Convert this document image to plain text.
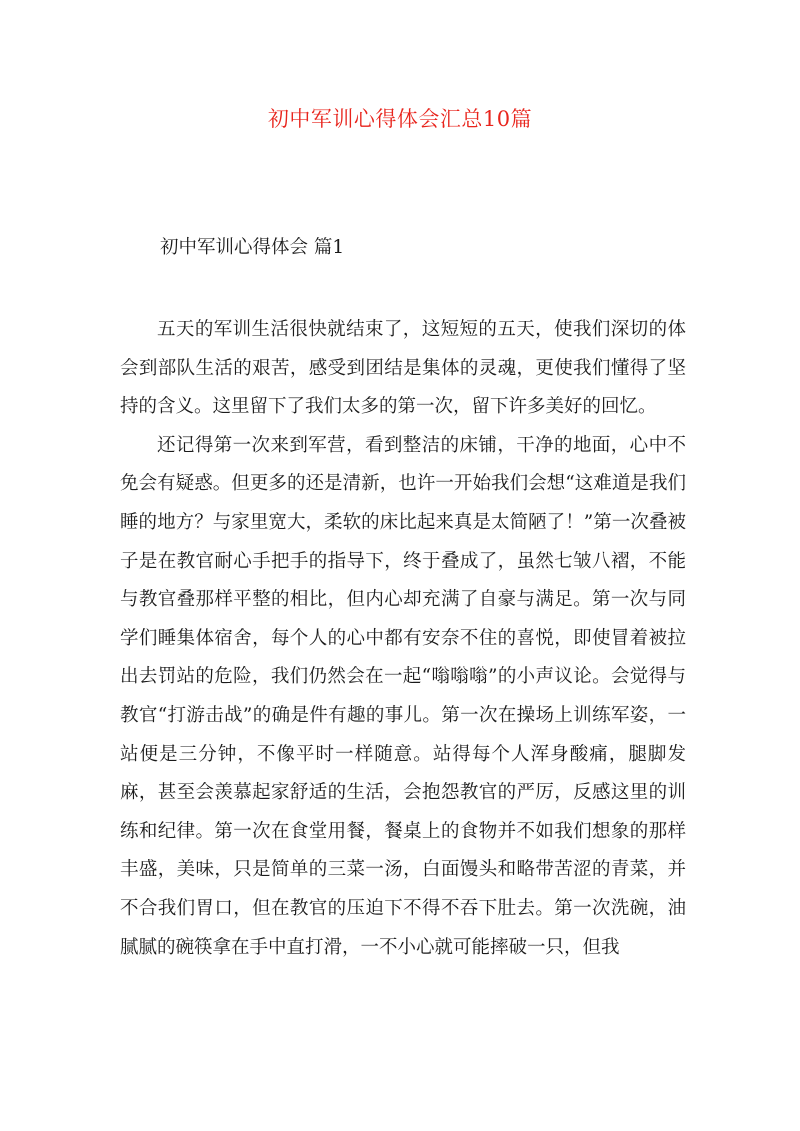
初中军训心得体会汇总10篇
初中军训心得体会 篇1

五天的军训生活很快就结束了，这短短的五天，使我们深切的体会到部队生活的艰苦，感受到团结是集体的灵魂，更使我们懂得了坚持的含义。这里留下了我们太多的第一次，留下许多美好的回忆。

还记得第一次来到军营，看到整洁的床铺，干净的地面，心中不免会有疑惑。但更多的还是清新，也许一开始我们会想“这难道是我们睡的地方？与家里宽大，柔软的床比起来真是太简陋了！”第一次叠被子是在教官耐心手把手的指导下，终于叠成了，虽然七皱八褶，不能与教官叠那样平整的相比，但内心却充满了自豪与满足。第一次与同学们睡集体宿舍，每个人的心中都有安奈不住的喜悦，即使冒着被拉出去罚站的危险，我们仍然会在一起“嗡嗡嗡”的小声议论。会觉得与教官“打游击战”的确是件有趣的事儿。第一次在操场上训练军姿，一站便是三分钟，不像平时一样随意。站得每个人浑身酸痛，腿脚发麻，甚至会羡慕起家舒适的生活，会抱怨教官的严厉，反感这里的训练和纪律。第一次在食堂用餐，餐桌上的食物并不如我们想象的那样丰盛，美味，只是简单的三菜一汤，白面馒头和略带苦涩的青菜，并不合我们胃口，但在教官的压迫下不得不吞下肚去。第一次洗碗，油腻腻的碗筷拿在手中直打滑，一不小心就可能摔破一只，但我
